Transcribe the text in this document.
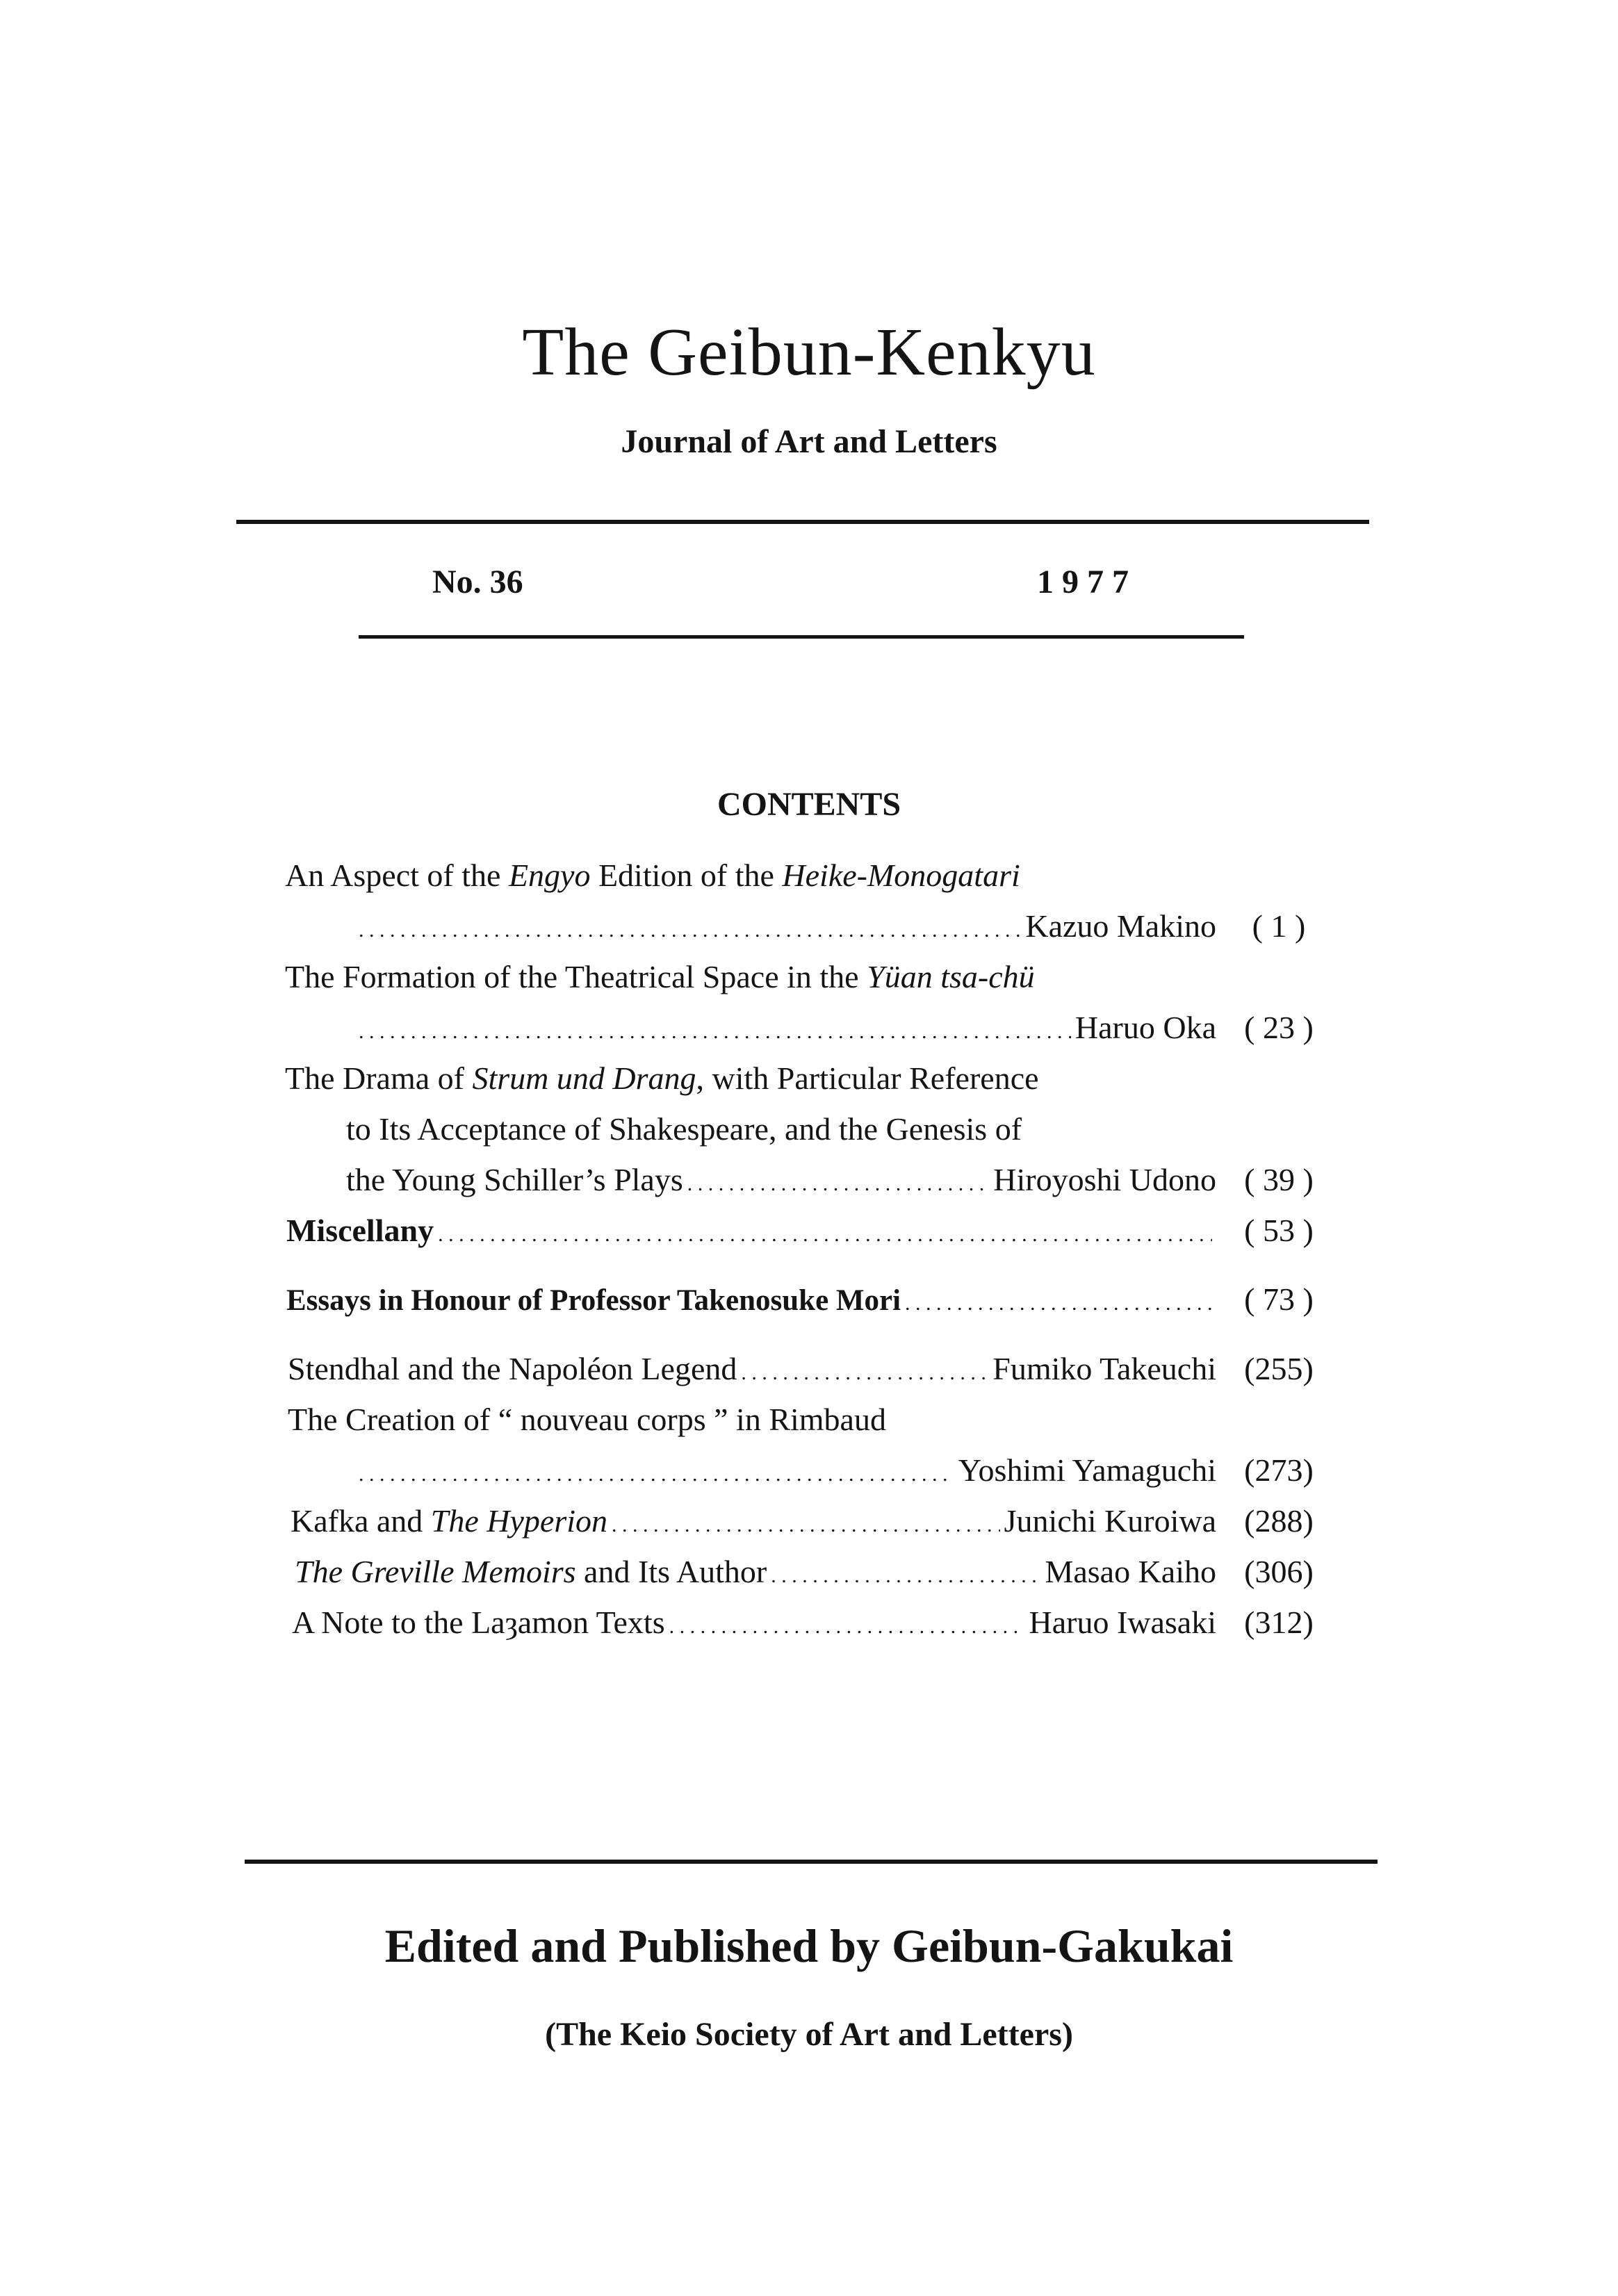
The Geibun-Kenkyu
Journal of Art and Letters
No. 36	1 9 7 7
CONTENTS
An Aspect of the Engyo Edition of the Heike-Monogatari
. . .
Kazuo Makino	( 1 )
The Formation of the Theatrical Space in the Yüan tsa-chü
. . .
Haruo Oka ( 23 )
The Drama of Strum und Drang, with Particular Reference
to Its Acceptance of Shakespeare, and the Genesis of
the Young Schiller’s Plays . . .	Hiroyoshi Udono ( 39 )
Miscellany . . .	( 53 )
Essays in Honour of Professor Takenosuke Mori . . .	( 73 )
Stendhal and the Napoléon Legend . . .	Fumiko Takeuchi (255)
The Creation of “ nouveau corps ” in Rimbaud
. . .
Yoshimi Yamaguchi (273)
Kafka and The Hyperion . . .	Junichi Kuroiwa (288)
The Greville Memoirs and Its Author . . .	Masao Kaiho (306)
A Note to the Laȝamon Texts . . .	Haruo Iwasaki (312)
Edited and Published by Geibun-Gakukai
(The Keio Society of Art and Letters)
